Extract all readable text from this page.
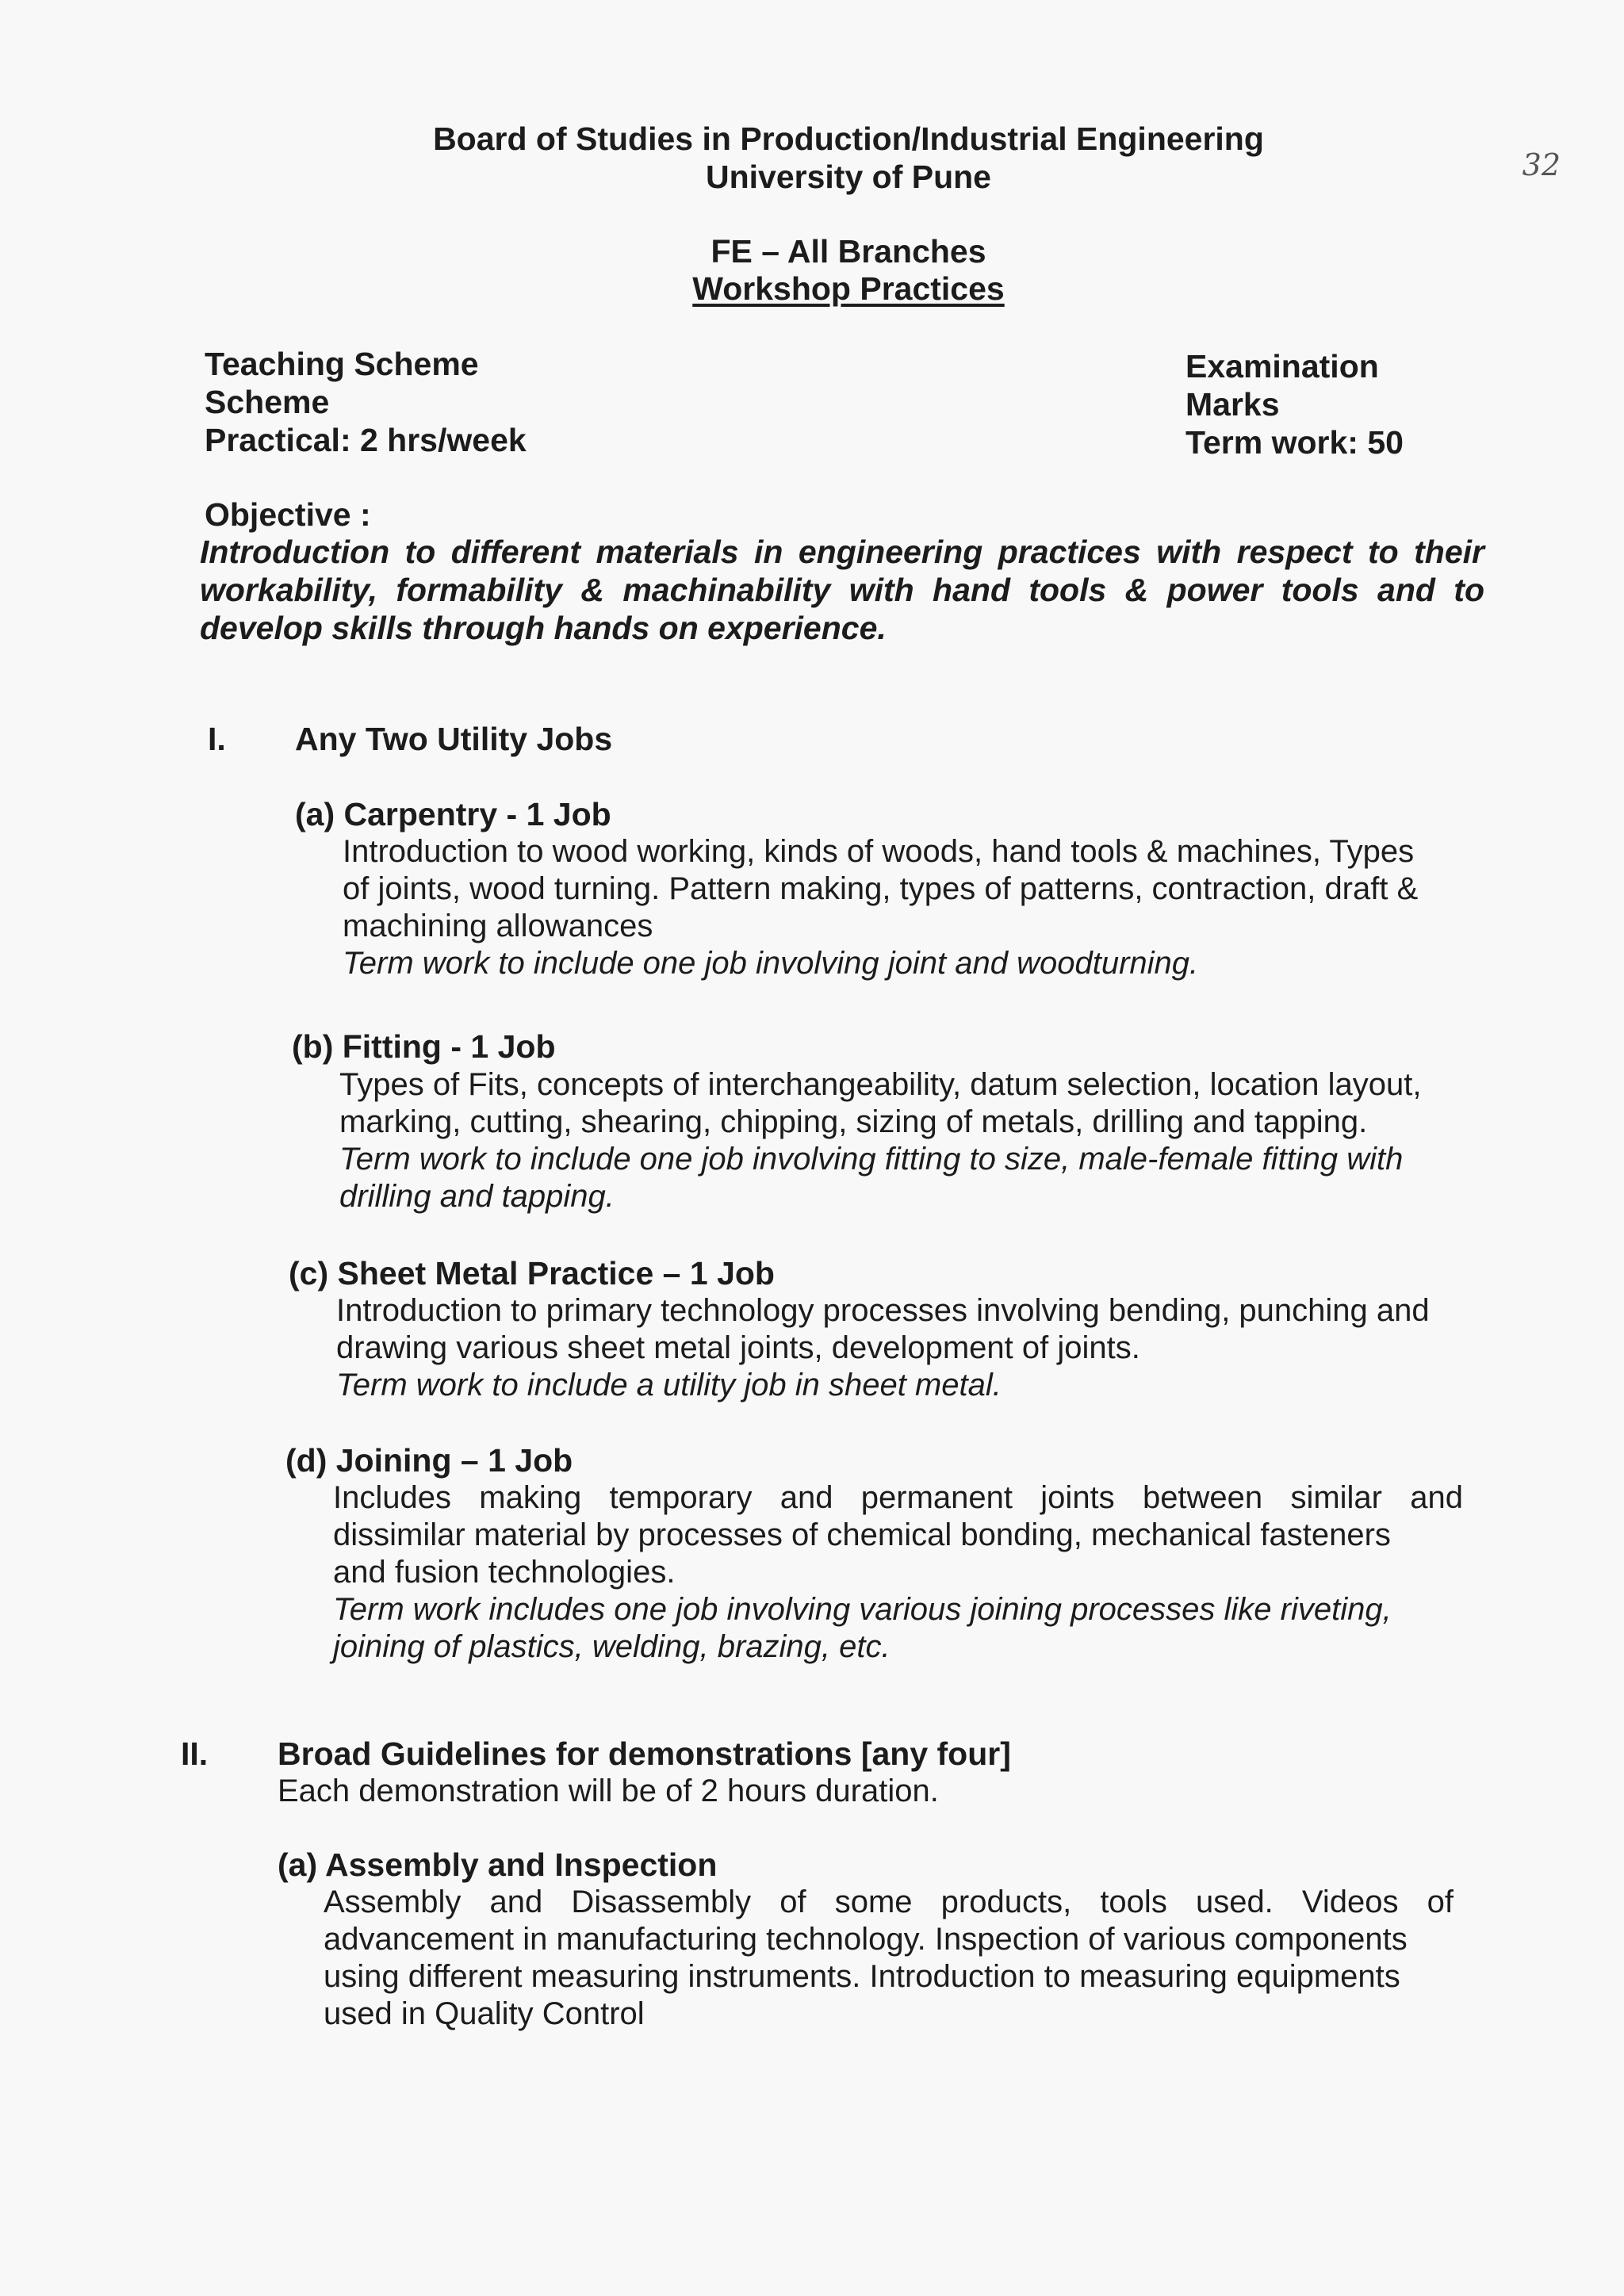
Board of Studies in Production/Industrial Engineering
University of Pune
FE – All Branches
Workshop Practices
32
Teaching Scheme
Scheme
Practical: 2 hrs/week
Examination
Marks
Term work: 50
Objective :
Introduction to different materials in engineering practices with respect to their workability, formability & machinability with hand tools & power tools and to develop skills through hands on experience.
I. Any Two Utility Jobs
(a) Carpentry - 1 Job
Introduction to wood working, kinds of woods, hand tools & machines, Types
of joints, wood turning. Pattern making, types of patterns, contraction, draft &
machining allowances
Term work to include one job involving joint and woodturning.
(b) Fitting - 1 Job
Types of Fits, concepts of interchangeability, datum selection, location layout,
marking, cutting, shearing, chipping, sizing of metals, drilling and tapping.
Term work to include one job involving fitting to size, male-female fitting with
drilling and tapping.
(c) Sheet Metal Practice – 1 Job
Introduction to primary technology processes involving bending, punching and
drawing various sheet metal joints, development of joints.
Term work to include a utility job in sheet metal.
(d) Joining – 1 Job
Includes making temporary and permanent joints between similar and
dissimilar material by processes of chemical bonding, mechanical fasteners
and fusion technologies.
Term work includes one job involving various joining processes like riveting,
joining of plastics, welding, brazing, etc.
II. Broad Guidelines for demonstrations [any four]
Each demonstration will be of 2 hours duration.
(a) Assembly and Inspection
Assembly and Disassembly of some products, tools used. Videos of
advancement in manufacturing technology. Inspection of various components
using different measuring instruments. Introduction to measuring equipments
used in Quality Control
